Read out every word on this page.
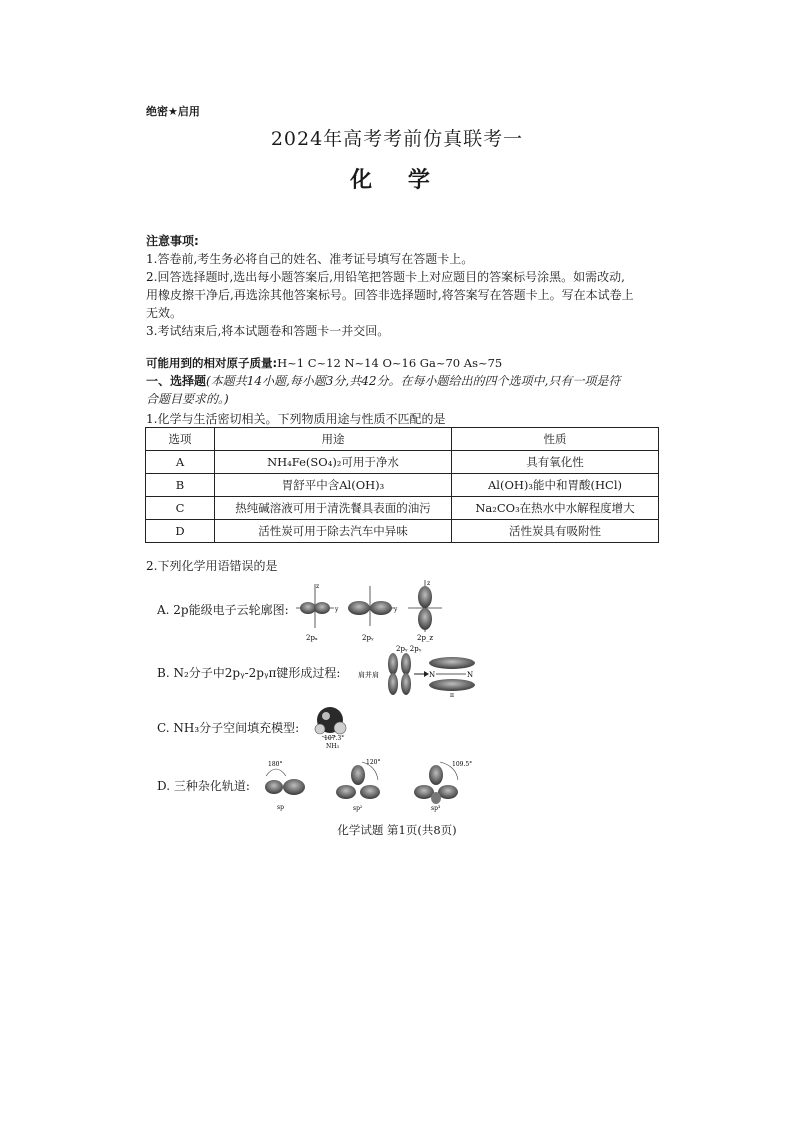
绝密★启用
2024年高考考前仿真联考一
化 学
注意事项:
1.答卷前,考生务必将自己的姓名、准考证号填写在答题卡上。
2.回答选择题时,选出每小题答案后,用铅笔把答题卡上对应题目的答案标号涂黑。如需改动,
用橡皮擦干净后,再选涂其他答案标号。回答非选择题时,将答案写在答题卡上。写在本试卷上
无效。
3.考试结束后,将本试题卷和答题卡一并交回。
可能用到的相对原子质量:H~1 C~12 N~14 O~16 Ga~70 As~75
一、选择题(本题共14小题,每小题3分,共42分。在每小题给出的四个选项中,只有一项是符
合题目要求的。)
1.化学与生活密切相关。下列物质用途与性质不匹配的是
选项	用途	性质
A	NH₄Fe(SO₄)₂可用于净水	具有氧化性
B	胃舒平中含Al(OH)₃	Al(OH)₃能中和胃酸(HCl)
C	热纯碱溶液可用于清洗餐具表面的油污	Na₂CO₃在热水中水解程度增大
D	活性炭可用于除去汽车中异味	活性炭具有吸附性
2.下列化学用语错误的是
A. 2p能级电子云轮廓图:
z
y
2pₓ
y
2pᵧ
z
2p_z
B. N₂分子中2pᵧ-2pᵧπ键形成过程:
2pᵧ 2pᵧ
肩并肩	N	N
π
C. NH₃分子空间填充模型:
107.3°
NH₃
D. 三种杂化轨道:
180°
sp
120°
sp²
109.5°
sp³
化学试题 第1页(共8页)
